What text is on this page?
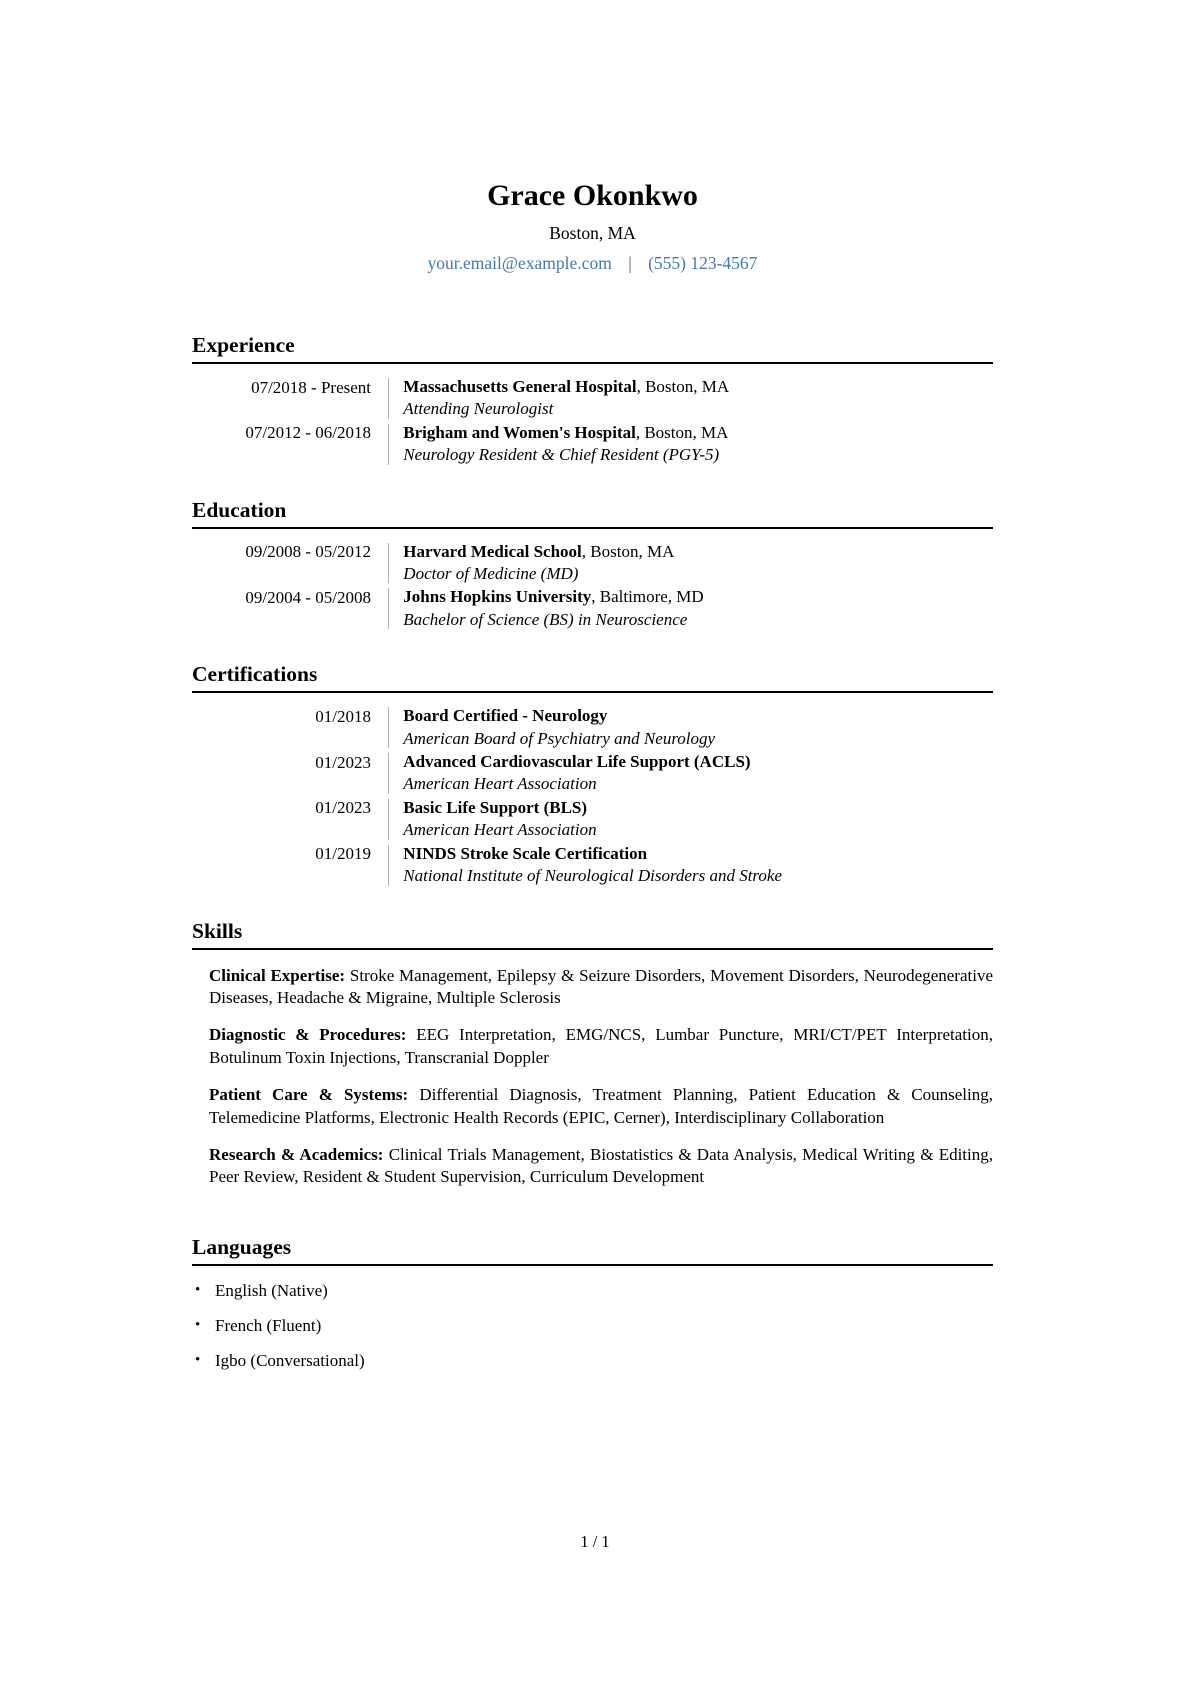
Grace Okonkwo
Boston, MA
your.email@example.com | (555) 123-4567
Experience
07/2018 - Present Massachusetts General Hospital, Boston, MA
Attending Neurologist
07/2012 - 06/2018 Brigham and Women's Hospital, Boston, MA
Neurology Resident & Chief Resident (PGY-5)
Education
09/2008 - 05/2012 Harvard Medical School, Boston, MA
Doctor of Medicine (MD)
09/2004 - 05/2008 Johns Hopkins University, Baltimore, MD
Bachelor of Science (BS) in Neuroscience
Certifications
01/2018 Board Certified - Neurology
American Board of Psychiatry and Neurology
01/2023 Advanced Cardiovascular Life Support (ACLS)
American Heart Association
01/2023 Basic Life Support (BLS)
American Heart Association
01/2019 NINDS Stroke Scale Certification
National Institute of Neurological Disorders and Stroke
Skills

Clinical Expertise: Stroke Management, Epilepsy & Seizure Disorders, Movement Disorders, Neurodegenerative Diseases, Headache & Migraine, Multiple Sclerosis

Diagnostic & Procedures: EEG Interpretation, EMG/NCS, Lumbar Puncture, MRI/CT/PET Interpretation, Botulinum Toxin Injections, Transcranial Doppler

Patient Care & Systems: Differential Diagnosis, Treatment Planning, Patient Education & Counseling, Telemedicine Platforms, Electronic Health Records (EPIC, Cerner), Interdisciplinary Collaboration

Research & Academics: Clinical Trials Management, Biostatistics & Data Analysis, Medical Writing & Editing, Peer Review, Resident & Student Supervision, Curriculum Development

Languages
• English (Native)
• French (Fluent)
• Igbo (Conversational)
1 / 1
